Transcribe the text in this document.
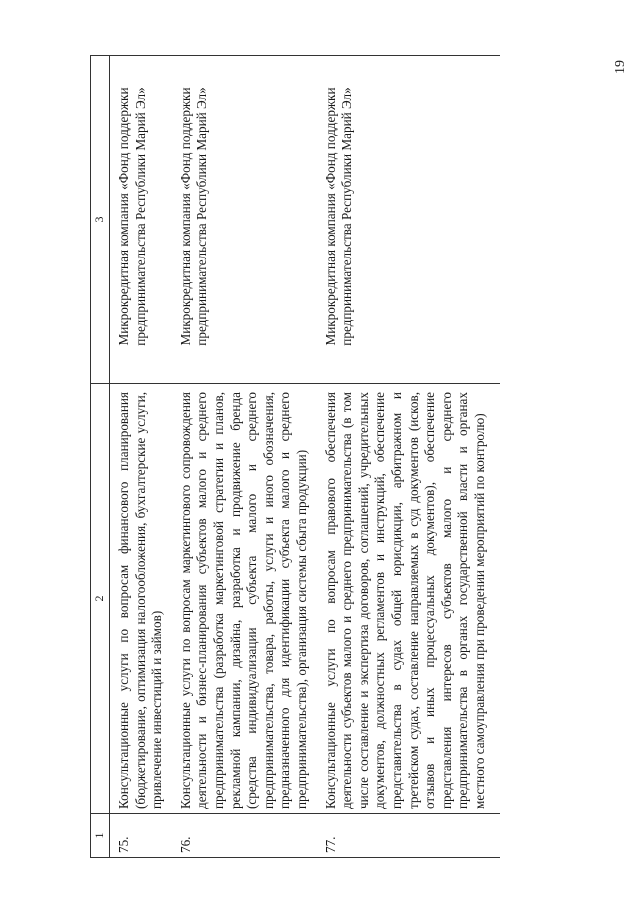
19
1	2	3

75.	Консультационные услуги по вопросам финансового планирования (бюджетирование, оптимизация налогообложения, бухгалтерские услуги, привлечение инвестиций и займов)	Микрокредитная компания «Фонд поддержки предпринимательства Республики Марий Эл»
76.	Консультационные услуги по вопросам маркетингового сопровождения деятельности и бизнес-планирования субъектов малого и среднего предпринимательства (разработка маркетинговой стратегии и планов, рекламной кампании, дизайна, разработка и продвижение бренда (средства индивидуализации субъекта малого и среднего предпринимательства, товара, работы, услуги и иного обозначения, предназначенного для идентификации субъекта малого и среднего предпринимательства), организация системы сбыта продукции)	Микрокредитная компания «Фонд поддержки предпринимательства Республики Марий Эл»
77.	Консультационные услуги по вопросам правового обеспечения деятельности субъектов малого и среднего предпринимательства (в том числе составление и экспертиза договоров, соглашений, учредительных документов, должностных регламентов и инструкций, обеспечение представительства в судах общей юрисдикции, арбитражном и третейском судах, составление направляемых в суд документов (исков, отзывов и иных процессуальных документов), обеспечение представления интересов субъектов малого и среднего предпринимательства в органах государственной власти и органах местного самоуправления при проведении мероприятий по контролю)	Микрокредитная компания «Фонд поддержки предпринимательства Республики Марий Эл»
